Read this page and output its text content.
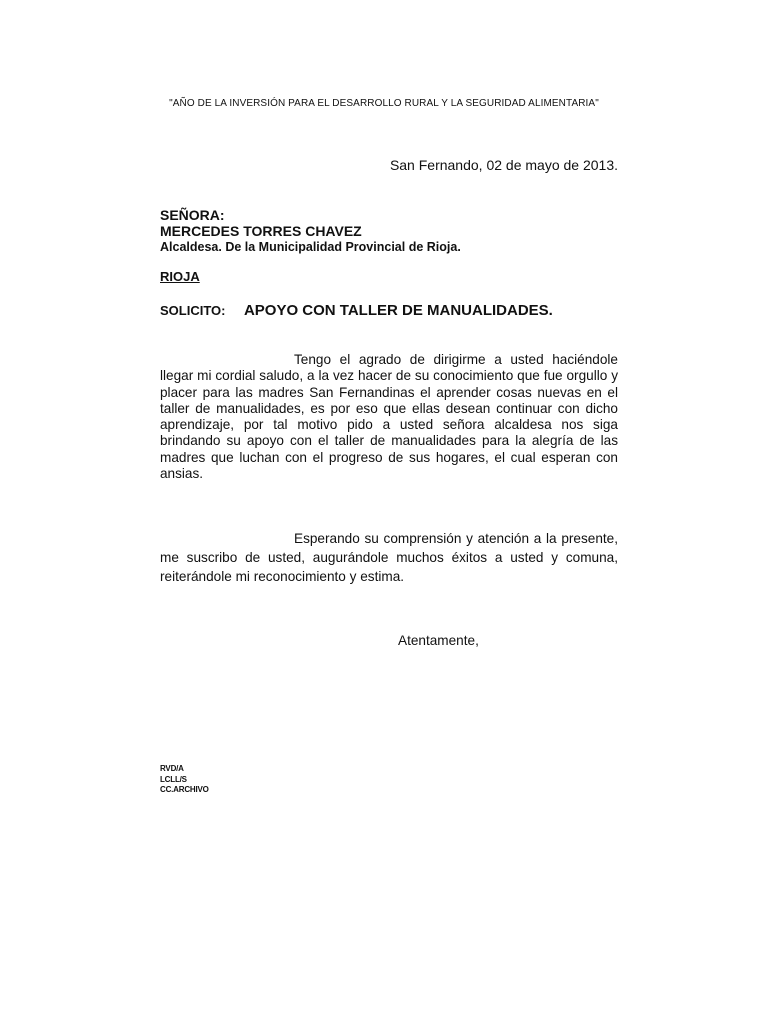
"AÑO DE LA INVERSIÓN PARA EL DESARROLLO RURAL Y LA SEGURIDAD ALIMENTARIA"
San Fernando, 02 de mayo de 2013.
SEÑORA:
MERCEDES TORRES CHAVEZ
Alcaldesa. De la Municipalidad Provincial de Rioja.
RIOJA
SOLICITO: APOYO CON TALLER DE MANUALIDADES.
Tengo el agrado de dirigirme a usted haciéndole llegar mi cordial saludo, a la vez hacer de su conocimiento que fue orgullo y placer para las madres San Fernandinas el aprender cosas nuevas en el taller de manualidades, es por eso que ellas desean continuar con dicho aprendizaje, por tal motivo pido a usted señora alcaldesa nos siga brindando su apoyo con el taller de manualidades para la alegría de las madres que luchan con el progreso de sus hogares, el cual esperan con ansias.
Esperando su comprensión y atención a la presente, me suscribo de usted, augurándole muchos éxitos a usted y comuna, reiterándole mi reconocimiento y estima.
Atentamente,
RVD/A
LCLL/S
CC.ARCHIVO
